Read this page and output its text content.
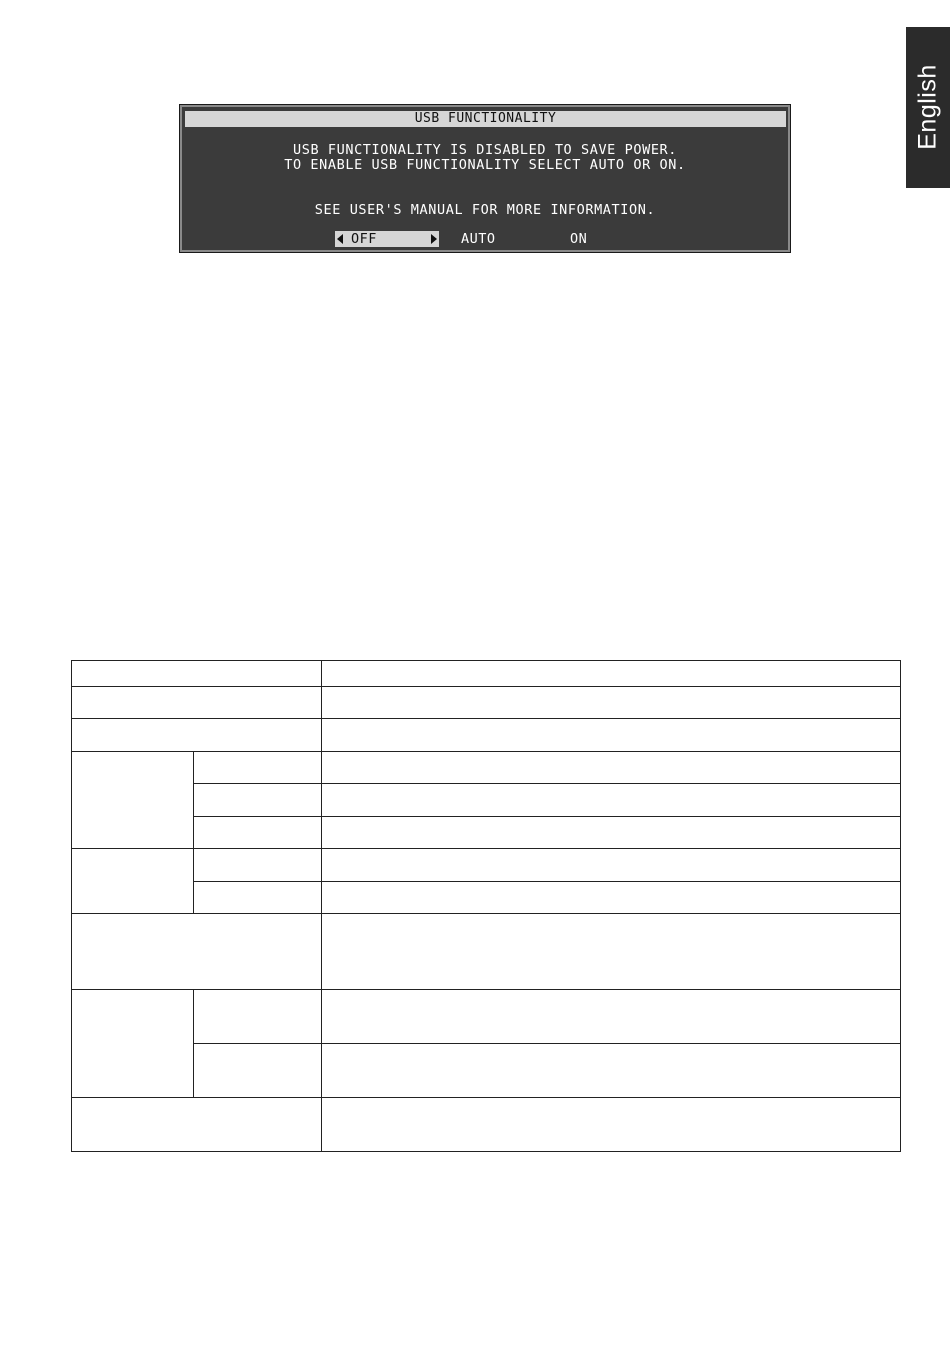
English
USB FUNCTIONALITY
USB FUNCTIONALITY IS DISABLED TO SAVE POWER.
TO ENABLE USB FUNCTIONALITY SELECT AUTO OR ON.
SEE USER'S MANUAL FOR MORE INFORMATION.
OFF	AUTO	ON
